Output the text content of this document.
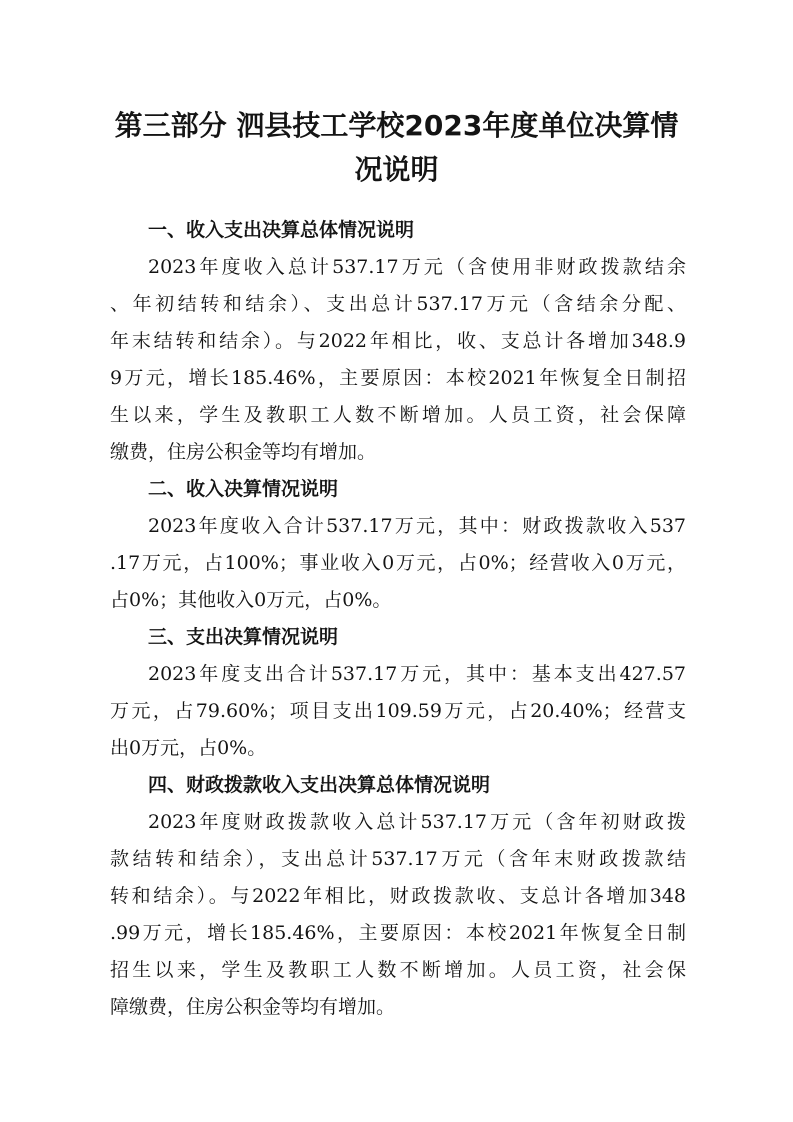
第三部分 泗县技工学校2023年度单位决算情
况说明
一、收入支出决算总体情况说明

2023年度收入总计537.17万元（含使用非财政拨款结余
、年初结转和结余）、支出总计537.17万元（含结余分配、
年末结转和结余）。与2022年相比，收、支总计各增加348.9
9万元，增长185.46%，主要原因：本校2021年恢复全日制招
生以来，学生及教职工人数不断增加。人员工资，社会保障
缴费，住房公积金等均有增加。

二、收入决算情况说明

2023年度收入合计537.17万元，其中：财政拨款收入537
.17万元，占100%；事业收入0万元，占0%；经营收入0万元，
占0%；其他收入0万元，占0%。

三、支出决算情况说明

2023年度支出合计537.17万元，其中：基本支出427.57
万元，占79.60%；项目支出109.59万元，占20.40%；经营支
出0万元，占0%。

四、财政拨款收入支出决算总体情况说明

2023年度财政拨款收入总计537.17万元（含年初财政拨
款结转和结余），支出总计537.17万元（含年末财政拨款结
转和结余）。与2022年相比，财政拨款收、支总计各增加348
.99万元，增长185.46%，主要原因：本校2021年恢复全日制
招生以来，学生及教职工人数不断增加。人员工资，社会保
障缴费，住房公积金等均有增加。
